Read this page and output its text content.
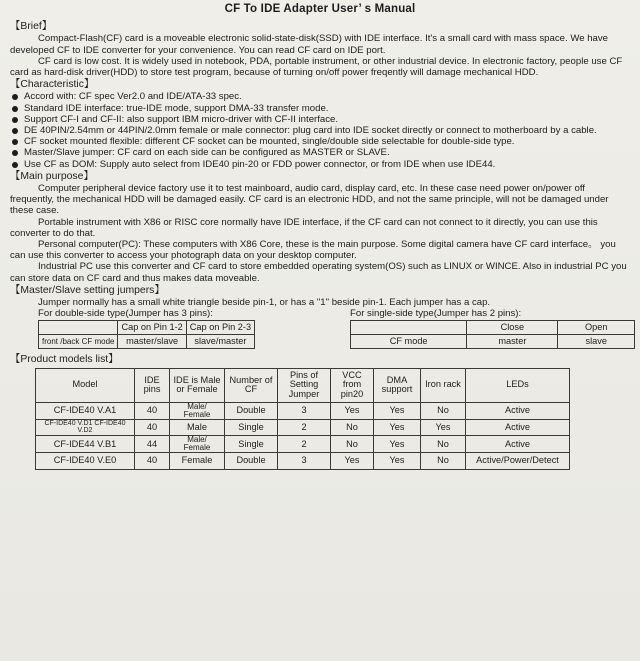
CF To IDE Adapter User’ s Manual
【Brief】

Compact-Flash(CF) card is a moveable electronic solid-state-disk(SSD) with IDE interface. It's a small card with mass space. We have developed CF to IDE converter for your convenience. You can read CF card on IDE port.

CF card is low cost. It is widely used in notebook, PDA, portable instrument, or other industrial device. In electronic factory, people use CF card as hard-disk driver(HDD) to store test program, because of turning on/off power freqently will damage mechanical HDD.

【Characteristic】
Accord with: CF spec Ver2.0 and IDE/ATA-33 spec.
Standard IDE interface: true-IDE mode, support DMA-33 transfer mode.
Support CF-I and CF-II: also support IBM micro-driver with CF-II interface.
DE 40PIN/2.54mm or 44PIN/2.0mm female or male connector: plug card into IDE socket directly or connect to motherboard by a cable.
CF socket mounted flexible: different CF socket can be mounted, single/double side selectable for double-side type.
Master/Slave jumper: CF card on each side can be configured as MASTER or SLAVE.
Use CF as DOM: Supply auto select from IDE40 pin-20 or FDD power connector, or from IDE when use IDE44.
【Main purpose】

Computer peripheral device factory use it to test mainboard, audio card, display card, etc. In these case need power on/power off frequently, the mechanical HDD will be damaged easily. CF card is an electronic HDD, and not the same principle, will not be damaged under these case.

Portable instrument with X86 or RISC core normally have IDE interface, if the CF card can not connect to it directly, you can use this converter to do that.

Personal computer(PC): These computers with X86 Core, these is the main purpose. Some digital camera have CF card interface。 you can use this converter to access your photograph data on your desktop computer.

Industrial PC use this converter and CF card to store embedded operating system(OS) such as LINUX or WINCE. Also in industrial PC you can store data on CF card and thus makes data moveable.

【Master/Slave setting jumpers】

Jumper normally has a small white triangle beside pin-1, or has a "1" beside pin-1. Each jumper has a cap.

For double-side type(Jumper has 3 pins):

	Cap on Pin 1-2	Cap on Pin 2-3
front /back CF mode	master/slave	slave/master

For single-side type(Jumper has 2 pins):

	Close	Open
CF mode	master	slave
【Product models list】
Model	IDE pins	IDE is Male or Female	Number of CF	Pins of Setting Jumper	VCC from pin20	DMA support	Iron rack	LEDs
CF-IDE40 V.A1	40	Male/ Female	Double	3	Yes	Yes	No	Active
CF-IDE40 V.D1 CF-IDE40 V.D2	40	Male	Single	2	No	Yes	Yes	Active
CF-IDE44 V.B1	44	Male/ Female	Single	2	No	Yes	No	Active
CF-IDE40 V.E0	40	Female	Double	3	Yes	Yes	No	Active/Power/Detect
